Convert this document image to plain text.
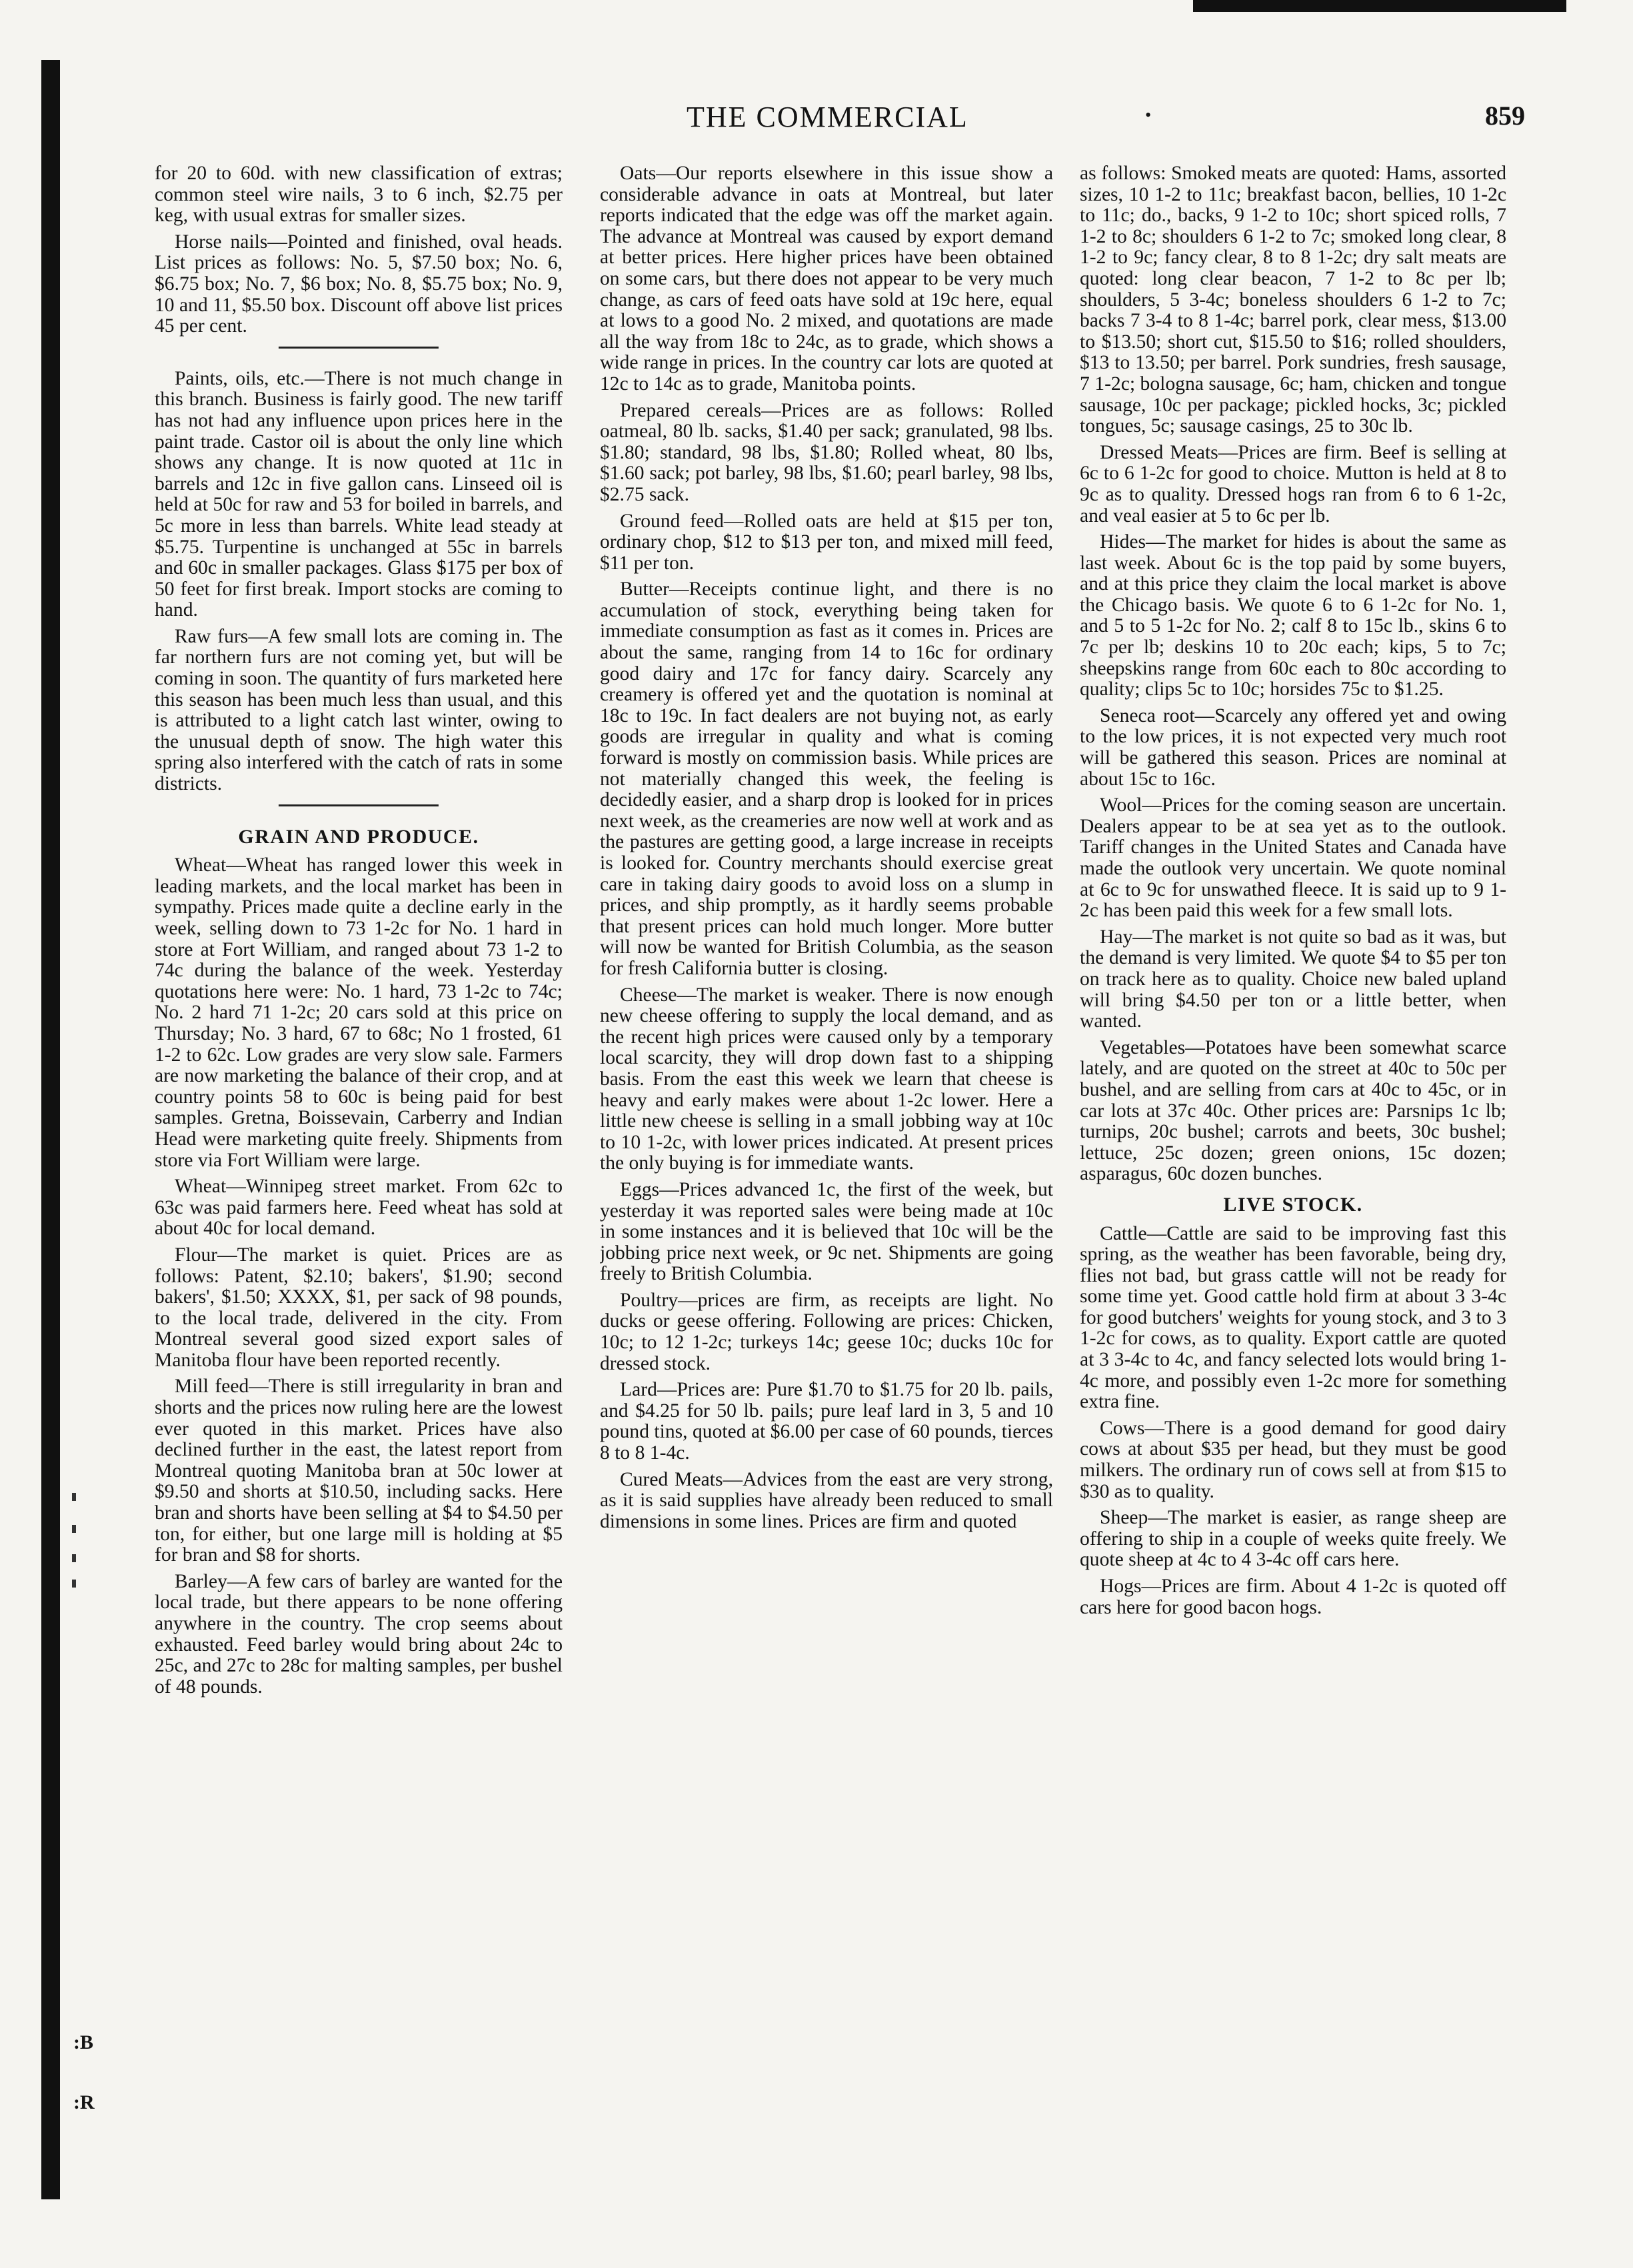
:B
:R
THE COMMERCIAL	•	859

for 20 to 60d. with new classification of extras; common steel wire nails, 3 to 6 inch, $2.75 per keg, with usual extras for smaller sizes.

Horse nails—Pointed and finished, oval heads. List prices as follows: No. 5, $7.50 box; No. 6, $6.75 box; No. 7, $6 box; No. 8, $5.75 box; No. 9, 10 and 11, $5.50 box. Discount off above list prices 45 per cent.

Paints, oils, etc.—There is not much change in this branch. Business is fairly good. The new tariff has not had any influence upon prices here in the paint trade. Castor oil is about the only line which shows any change. It is now quoted at 11c in barrels and 12c in five gallon cans. Linseed oil is held at 50c for raw and 53 for boiled in barrels, and 5c more in less than barrels. White lead steady at $5.75. Turpentine is unchanged at 55c in barrels and 60c in smaller packages. Glass $175 per box of 50 feet for first break. Import stocks are coming to hand.

Raw furs—A few small lots are coming in. The far northern furs are not coming yet, but will be coming in soon. The quantity of furs marketed here this season has been much less than usual, and this is attributed to a light catch last winter, owing to the unusual depth of snow. The high water this spring also interfered with the catch of rats in some districts.

GRAIN AND PRODUCE.

Wheat—Wheat has ranged lower this week in leading markets, and the local market has been in sympathy. Prices made quite a decline early in the week, selling down to 73 1-2c for No. 1 hard in store at Fort William, and ranged about 73 1-2 to 74c during the balance of the week. Yesterday quotations here were: No. 1 hard, 73 1-2c to 74c; No. 2 hard 71 1-2c; 20 cars sold at this price on Thursday; No. 3 hard, 67 to 68c; No 1 frosted, 61 1-2 to 62c. Low grades are very slow sale. Farmers are now marketing the balance of their crop, and at country points 58 to 60c is being paid for best samples. Gretna, Boissevain, Carberry and Indian Head were marketing quite freely. Shipments from store via Fort William were large.

Wheat—Winnipeg street market. From 62c to 63c was paid farmers here. Feed wheat has sold at about 40c for local demand.

Flour—The market is quiet. Prices are as follows: Patent, $2.10; bakers', $1.90; second bakers', $1.50; XXXX, $1, per sack of 98 pounds, to the local trade, delivered in the city. From Montreal several good sized export sales of Manitoba flour have been reported recently.

Mill feed—There is still irregularity in bran and shorts and the prices now ruling here are the lowest ever quoted in this market. Prices have also declined further in the east, the latest report from Montreal quoting Manitoba bran at 50c lower at $9.50 and shorts at $10.50, including sacks. Here bran and shorts have been selling at $4 to $4.50 per ton, for either, but one large mill is holding at $5 for bran and $8 for shorts.

Barley—A few cars of barley are wanted for the local trade, but there appears to be none offering anywhere in the country. The crop seems about exhausted. Feed barley would bring about 24c to 25c, and 27c to 28c for malting samples, per bushel of 48 pounds.

Oats—Our reports elsewhere in this issue show a considerable advance in oats at Montreal, but later reports indicated that the edge was off the market again. The advance at Montreal was caused by export demand at better prices. Here higher prices have been obtained on some cars, but there does not appear to be very much change, as cars of feed oats have sold at 19c here, equal at lows to a good No. 2 mixed, and quotations are made all the way from 18c to 24c, as to grade, which shows a wide range in prices. In the country car lots are quoted at 12c to 14c as to grade, Manitoba points.

Prepared cereals—Prices are as follows: Rolled oatmeal, 80 lb. sacks, $1.40 per sack; granulated, 98 lbs. $1.80; standard, 98 lbs, $1.80; Rolled wheat, 80 lbs, $1.60 sack; pot barley, 98 lbs, $1.60; pearl barley, 98 lbs, $2.75 sack.

Ground feed—Rolled oats are held at $15 per ton, ordinary chop, $12 to $13 per ton, and mixed mill feed, $11 per ton.

Butter—Receipts continue light, and there is no accumulation of stock, everything being taken for immediate consumption as fast as it comes in. Prices are about the same, ranging from 14 to 16c for ordinary good dairy and 17c for fancy dairy. Scarcely any creamery is offered yet and the quotation is nominal at 18c to 19c. In fact dealers are not buying not, as early goods are irregular in quality and what is coming forward is mostly on commission basis. While prices are not materially changed this week, the feeling is decidedly easier, and a sharp drop is looked for in prices next week, as the creameries are now well at work and as the pastures are getting good, a large increase in receipts is looked for. Country merchants should exercise great care in taking dairy goods to avoid loss on a slump in prices, and ship promptly, as it hardly seems probable that present prices can hold much longer. More butter will now be wanted for British Columbia, as the season for fresh California butter is closing.

Cheese—The market is weaker. There is now enough new cheese offering to supply the local demand, and as the recent high prices were caused only by a temporary local scarcity, they will drop down fast to a shipping basis. From the east this week we learn that cheese is heavy and early makes were about 1-2c lower. Here a little new cheese is selling in a small jobbing way at 10c to 10 1-2c, with lower prices indicated. At present prices the only buying is for immediate wants.

Eggs—Prices advanced 1c, the first of the week, but yesterday it was reported sales were being made at 10c in some instances and it is believed that 10c will be the jobbing price next week, or 9c net. Shipments are going freely to British Columbia.

Poultry—prices are firm, as receipts are light. No ducks or geese offering. Following are prices: Chicken, 10c; to 12 1-2c; turkeys 14c; geese 10c; ducks 10c for dressed stock.

Lard—Prices are: Pure $1.70 to $1.75 for 20 lb. pails, and $4.25 for 50 lb. pails; pure leaf lard in 3, 5 and 10 pound tins, quoted at $6.00 per case of 60 pounds, tierces 8 to 8 1-4c.

Cured Meats—Advices from the east are very strong, as it is said supplies have already been reduced to small dimensions in some lines. Prices are firm and quoted

as follows: Smoked meats are quoted: Hams, assorted sizes, 10 1-2 to 11c; breakfast bacon, bellies, 10 1-2c to 11c; do., backs, 9 1-2 to 10c; short spiced rolls, 7 1-2 to 8c; shoulders 6 1-2 to 7c; smoked long clear, 8 1-2 to 9c; fancy clear, 8 to 8 1-2c; dry salt meats are quoted: long clear beacon, 7 1-2 to 8c per lb; shoulders, 5 3-4c; boneless shoulders 6 1-2 to 7c; backs 7 3-4 to 8 1-4c; barrel pork, clear mess, $13.00 to $13.50; short cut, $15.50 to $16; rolled shoulders, $13 to 13.50; per barrel. Pork sundries, fresh sausage, 7 1-2c; bologna sausage, 6c; ham, chicken and tongue sausage, 10c per package; pickled hocks, 3c; pickled tongues, 5c; sausage casings, 25 to 30c lb.

Dressed Meats—Prices are firm. Beef is selling at 6c to 6 1-2c for good to choice. Mutton is held at 8 to 9c as to quality. Dressed hogs ran from 6 to 6 1-2c, and veal easier at 5 to 6c per lb.

Hides—The market for hides is about the same as last week. About 6c is the top paid by some buyers, and at this price they claim the local market is above the Chicago basis. We quote 6 to 6 1-2c for No. 1, and 5 to 5 1-2c for No. 2; calf 8 to 15c lb., skins 6 to 7c per lb; deskins 10 to 20c each; kips, 5 to 7c; sheepskins range from 60c each to 80c according to quality; clips 5c to 10c; horsides 75c to $1.25.

Seneca root—Scarcely any offered yet and owing to the low prices, it is not expected very much root will be gathered this season. Prices are nominal at about 15c to 16c.

Wool—Prices for the coming season are uncertain. Dealers appear to be at sea yet as to the outlook. Tariff changes in the United States and Canada have made the outlook very uncertain. We quote nominal at 6c to 9c for unswathed fleece. It is said up to 9 1-2c has been paid this week for a few small lots.

Hay—The market is not quite so bad as it was, but the demand is very limited. We quote $4 to $5 per ton on track here as to quality. Choice new baled upland will bring $4.50 per ton or a little better, when wanted.

Vegetables—Potatoes have been somewhat scarce lately, and are quoted on the street at 40c to 50c per bushel, and are selling from cars at 40c to 45c, or in car lots at 37c 40c. Other prices are: Parsnips 1c lb; turnips, 20c bushel; carrots and beets, 30c bushel; lettuce, 25c dozen; green onions, 15c dozen; asparagus, 60c dozen bunches.

LIVE STOCK.

Cattle—Cattle are said to be improving fast this spring, as the weather has been favorable, being dry, flies not bad, but grass cattle will not be ready for some time yet. Good cattle hold firm at about 3 3-4c for good butchers' weights for young stock, and 3 to 3 1-2c for cows, as to quality. Export cattle are quoted at 3 3-4c to 4c, and fancy selected lots would bring 1-4c more, and possibly even 1-2c more for something extra fine.

Cows—There is a good demand for good dairy cows at about $35 per head, but they must be good milkers. The ordinary run of cows sell at from $15 to $30 as to quality.

Sheep—The market is easier, as range sheep are offering to ship in a couple of weeks quite freely. We quote sheep at 4c to 4 3-4c off cars here.

Hogs—Prices are firm. About 4 1-2c is quoted off cars here for good bacon hogs.
